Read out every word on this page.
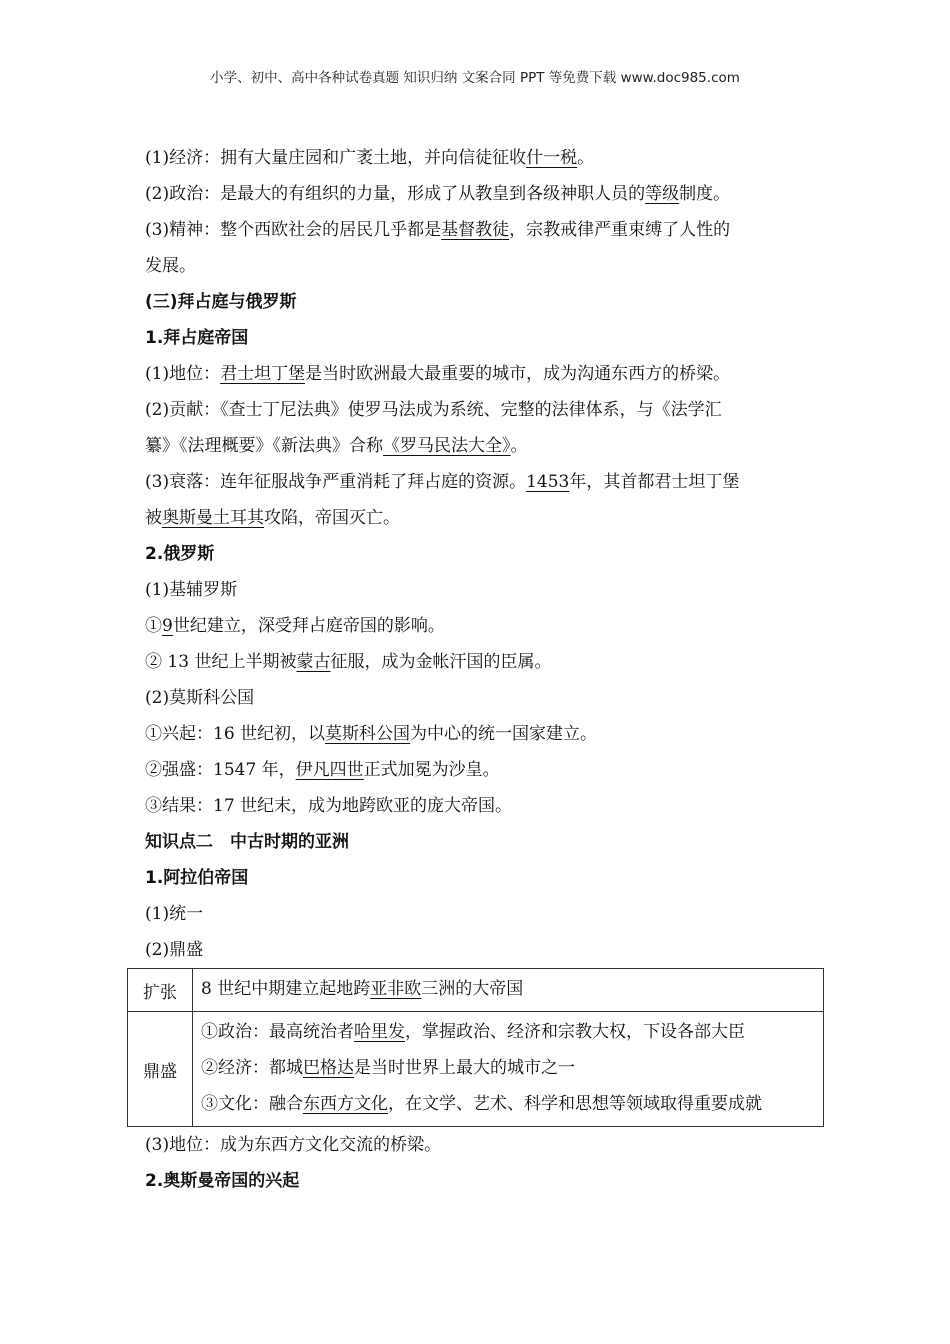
小学、初中、高中各种试卷真题 知识归纳 文案合同 PPT 等免费下载 www.doc985.com
(1)经济：拥有大量庄园和广袤土地，并向信徒征收什一税。
(2)政治：是最大的有组织的力量，形成了从教皇到各级神职人员的等级制度。
(3)精神：整个西欧社会的居民几乎都是基督教徒，宗教戒律严重束缚了人性的
发展。
(三)拜占庭与俄罗斯
1.拜占庭帝国
(1)地位：君士坦丁堡是当时欧洲最大最重要的城市，成为沟通东西方的桥梁。
(2)贡献：《查士丁尼法典》使罗马法成为系统、完整的法律体系，与《法学汇
纂》《法理概要》《新法典》合称《罗马民法大全》。
(3)衰落：连年征服战争严重消耗了拜占庭的资源。1453年，其首都君士坦丁堡
被奥斯曼土耳其攻陷，帝国灭亡。
2.俄罗斯
(1)基辅罗斯
①9世纪建立，深受拜占庭帝国的影响。
② 13 世纪上半期被蒙古征服，成为金帐汗国的臣属。
(2)莫斯科公国
①兴起：16 世纪初，以莫斯科公国为中心的统一国家建立。
②强盛：1547 年，伊凡四世正式加冕为沙皇。
③结果：17 世纪末，成为地跨欧亚的庞大帝国。
知识点二　中古时期的亚洲
1.阿拉伯帝国
(1)统一
(2)鼎盛
扩张	8 世纪中期建立起地跨亚非欧三洲的大帝国
鼎盛	①政治：最高统治者哈里发，掌握政治、经济和宗教大权，下设各部大臣
②经济：都城巴格达是当时世界上最大的城市之一
③文化：融合东西方文化，在文学、艺术、科学和思想等领域取得重要成就
(3)地位：成为东西方文化交流的桥梁。
2.奥斯曼帝国的兴起
